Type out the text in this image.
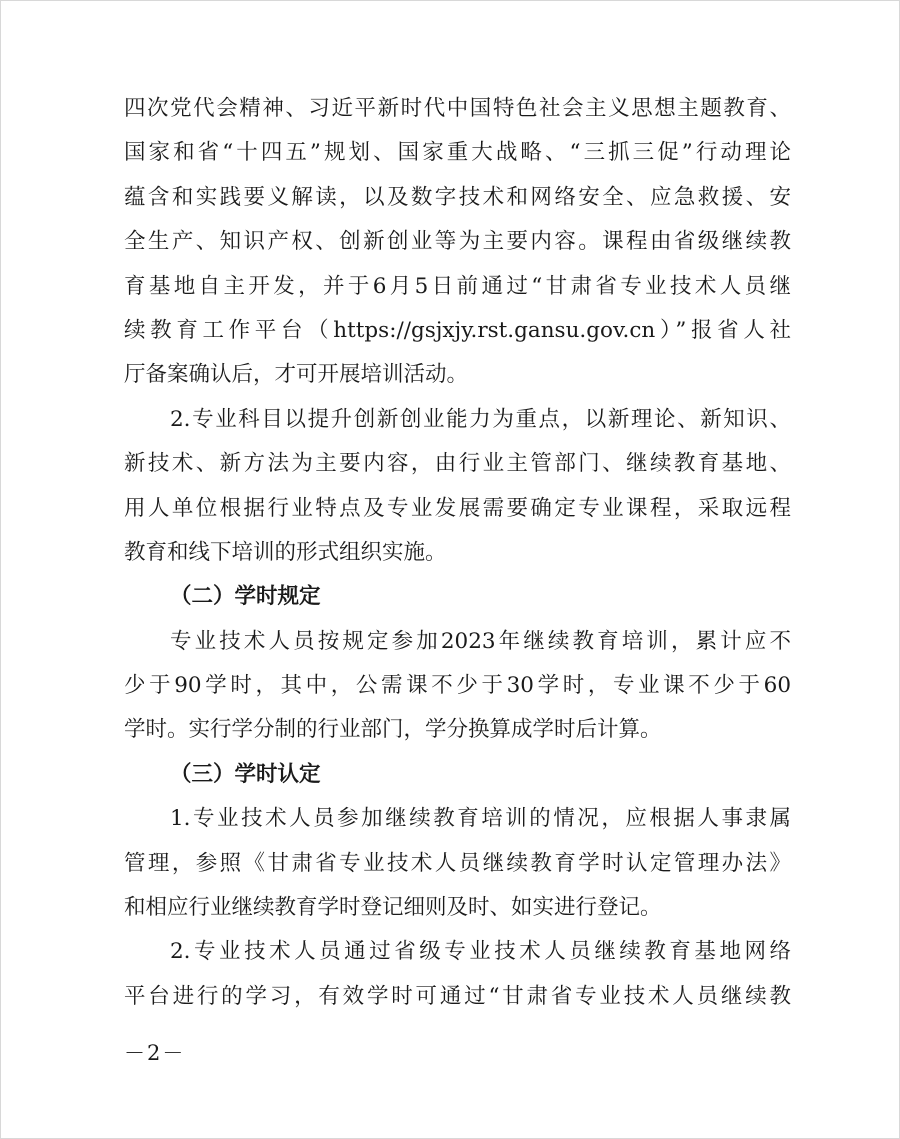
四次党代会精神、习近平新时代中国特色社会主义思想主题教育、
国家和省“十四五”规划、国家重大战略、“三抓三促”行动理论
蕴含和实践要义解读，以及数字技术和网络安全、应急救援、安
全生产、知识产权、创新创业等为主要内容。课程由省级继续教
育基地自主开发，并于6月5日前通过“甘肃省专业技术人员继
续教育工作平台（https://gsjxjy.rst.gansu.gov.cn）”报省人社
厅备案确认后，才可开展培训活动。
2.专业科目以提升创新创业能力为重点，以新理论、新知识、
新技术、新方法为主要内容，由行业主管部门、继续教育基地、
用人单位根据行业特点及专业发展需要确定专业课程，采取远程
教育和线下培训的形式组织实施。
（二）学时规定
专业技术人员按规定参加2023年继续教育培训，累计应不
少于90学时，其中，公需课不少于30学时，专业课不少于60
学时。实行学分制的行业部门，学分换算成学时后计算。
（三）学时认定
1.专业技术人员参加继续教育培训的情况，应根据人事隶属
管理，参照《甘肃省专业技术人员继续教育学时认定管理办法》
和相应行业继续教育学时登记细则及时、如实进行登记。
2.专业技术人员通过省级专业技术人员继续教育基地网络
平台进行的学习，有效学时可通过“甘肃省专业技术人员继续教
－2－
